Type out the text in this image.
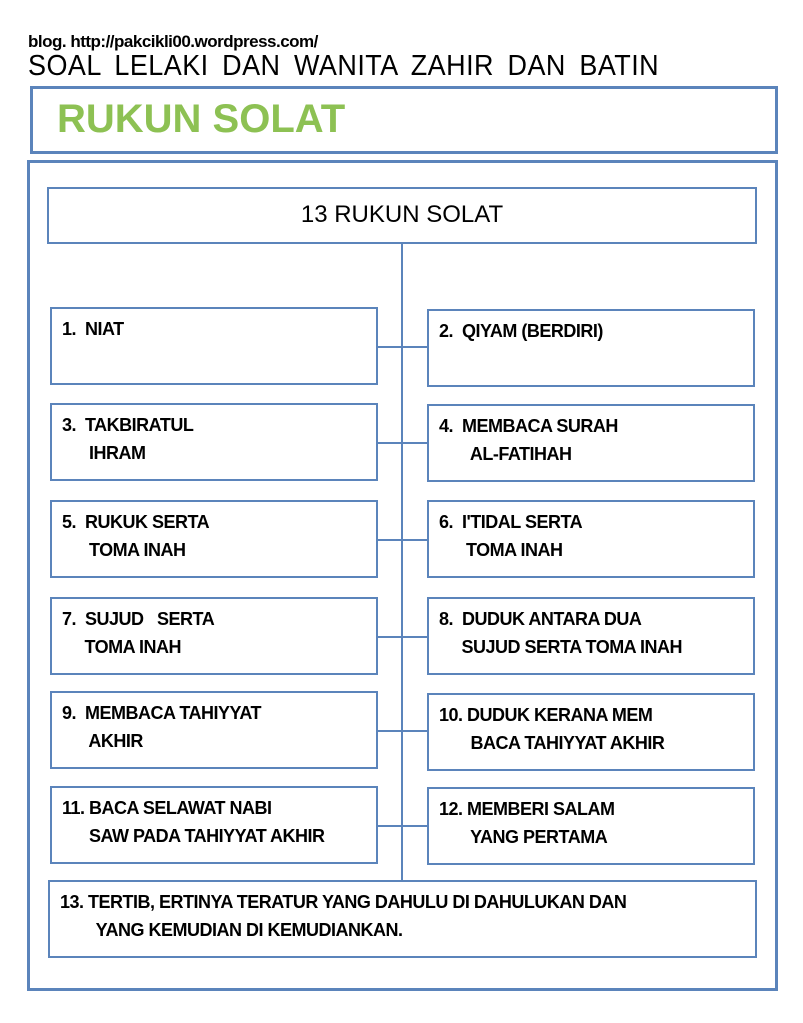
blog. http://pakcikli00.wordpress.com/
SOAL LELAKI DAN WANITA ZAHIR DAN BATIN
RUKUN SOLAT
13 RUKUN SOLAT
1.  NIAT	2.  QIYAM (BERDIRI)
3.  TAKBIRATUL
IHRAM
4.  MEMBACA SURAH
AL-FATIHAH
5.  RUKUK SERTA
TOMA INAH
6.  I'TIDAL SERTA
TOMA INAH
7.  SUJUD   SERTA
TOMA INAH
8.  DUDUK ANTARA DUA
SUJUD SERTA TOMA INAH
9.  MEMBACA TAHIYYAT
AKHIR
10. DUDUK KERANA MEM
BACA TAHIYYAT AKHIR
11. BACA SELAWAT NABI
SAW PADA TAHIYYAT AKHIR
12. MEMBERI SALAM
YANG PERTAMA
13. TERTIB, ERTINYA TERATUR YANG DAHULU DI DAHULUKAN DAN
YANG KEMUDIAN DI KEMUDIANKAN.
